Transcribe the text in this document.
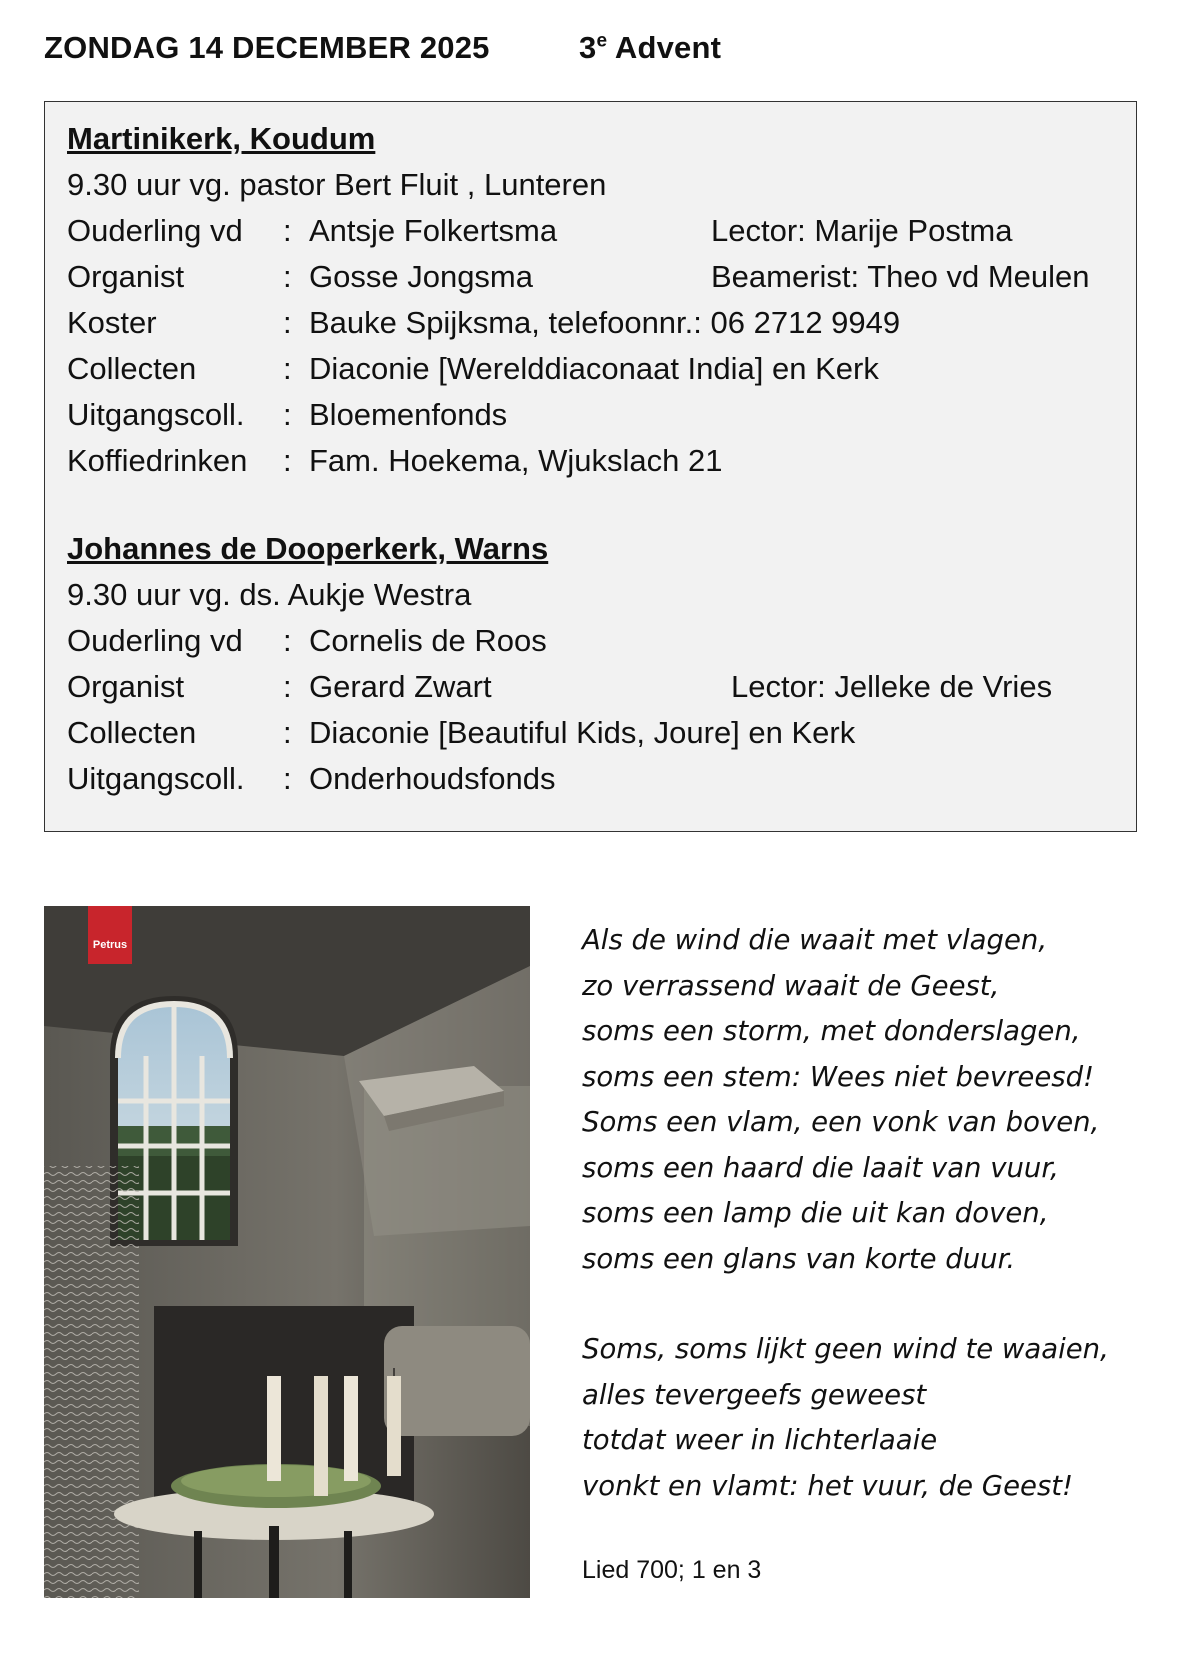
ZONDAG 14 DECEMBER 2025	3e Advent
Martinikerk, Koudum
9.30 uur vg. pastor Bert Fluit , Lunteren
Ouderling vd : Antsje Folkertsma	Lector: Marije Postma
Organist	: Gosse Jongsma	Beamerist: Theo vd Meulen
Koster	: Bauke Spijksma, telefoonnr.: 06 2712 9949
Collecten	: Diaconie [Werelddiaconaat India] en Kerk
Uitgangscoll. : Bloemenfonds
Koffiedrinken : Fam. Hoekema, Wjukslach 21
Johannes de Dooperkerk, Warns
9.30 uur vg. ds. Aukje Westra
Ouderling vd : Cornelis de Roos
Organist	: Gerard Zwart	Lector: Jelleke de Vries
Collecten	: Diaconie [Beautiful Kids, Joure] en Kerk
Uitgangscoll. : Onderhoudsfonds
Petrus	Als de wind die waait met vlagen,
zo verrassend waait de Geest,
soms een storm, met donderslagen,
soms een stem: Wees niet bevreesd!
Soms een vlam, een vonk van boven,
soms een haard die laait van vuur,
soms een lamp die uit kan doven,
soms een glans van korte duur.
Soms, soms lijkt geen wind te waaien,
alles tevergeefs geweest
totdat weer in lichterlaaie
vonkt en vlamt: het vuur, de Geest!
Lied 700; 1 en 3
